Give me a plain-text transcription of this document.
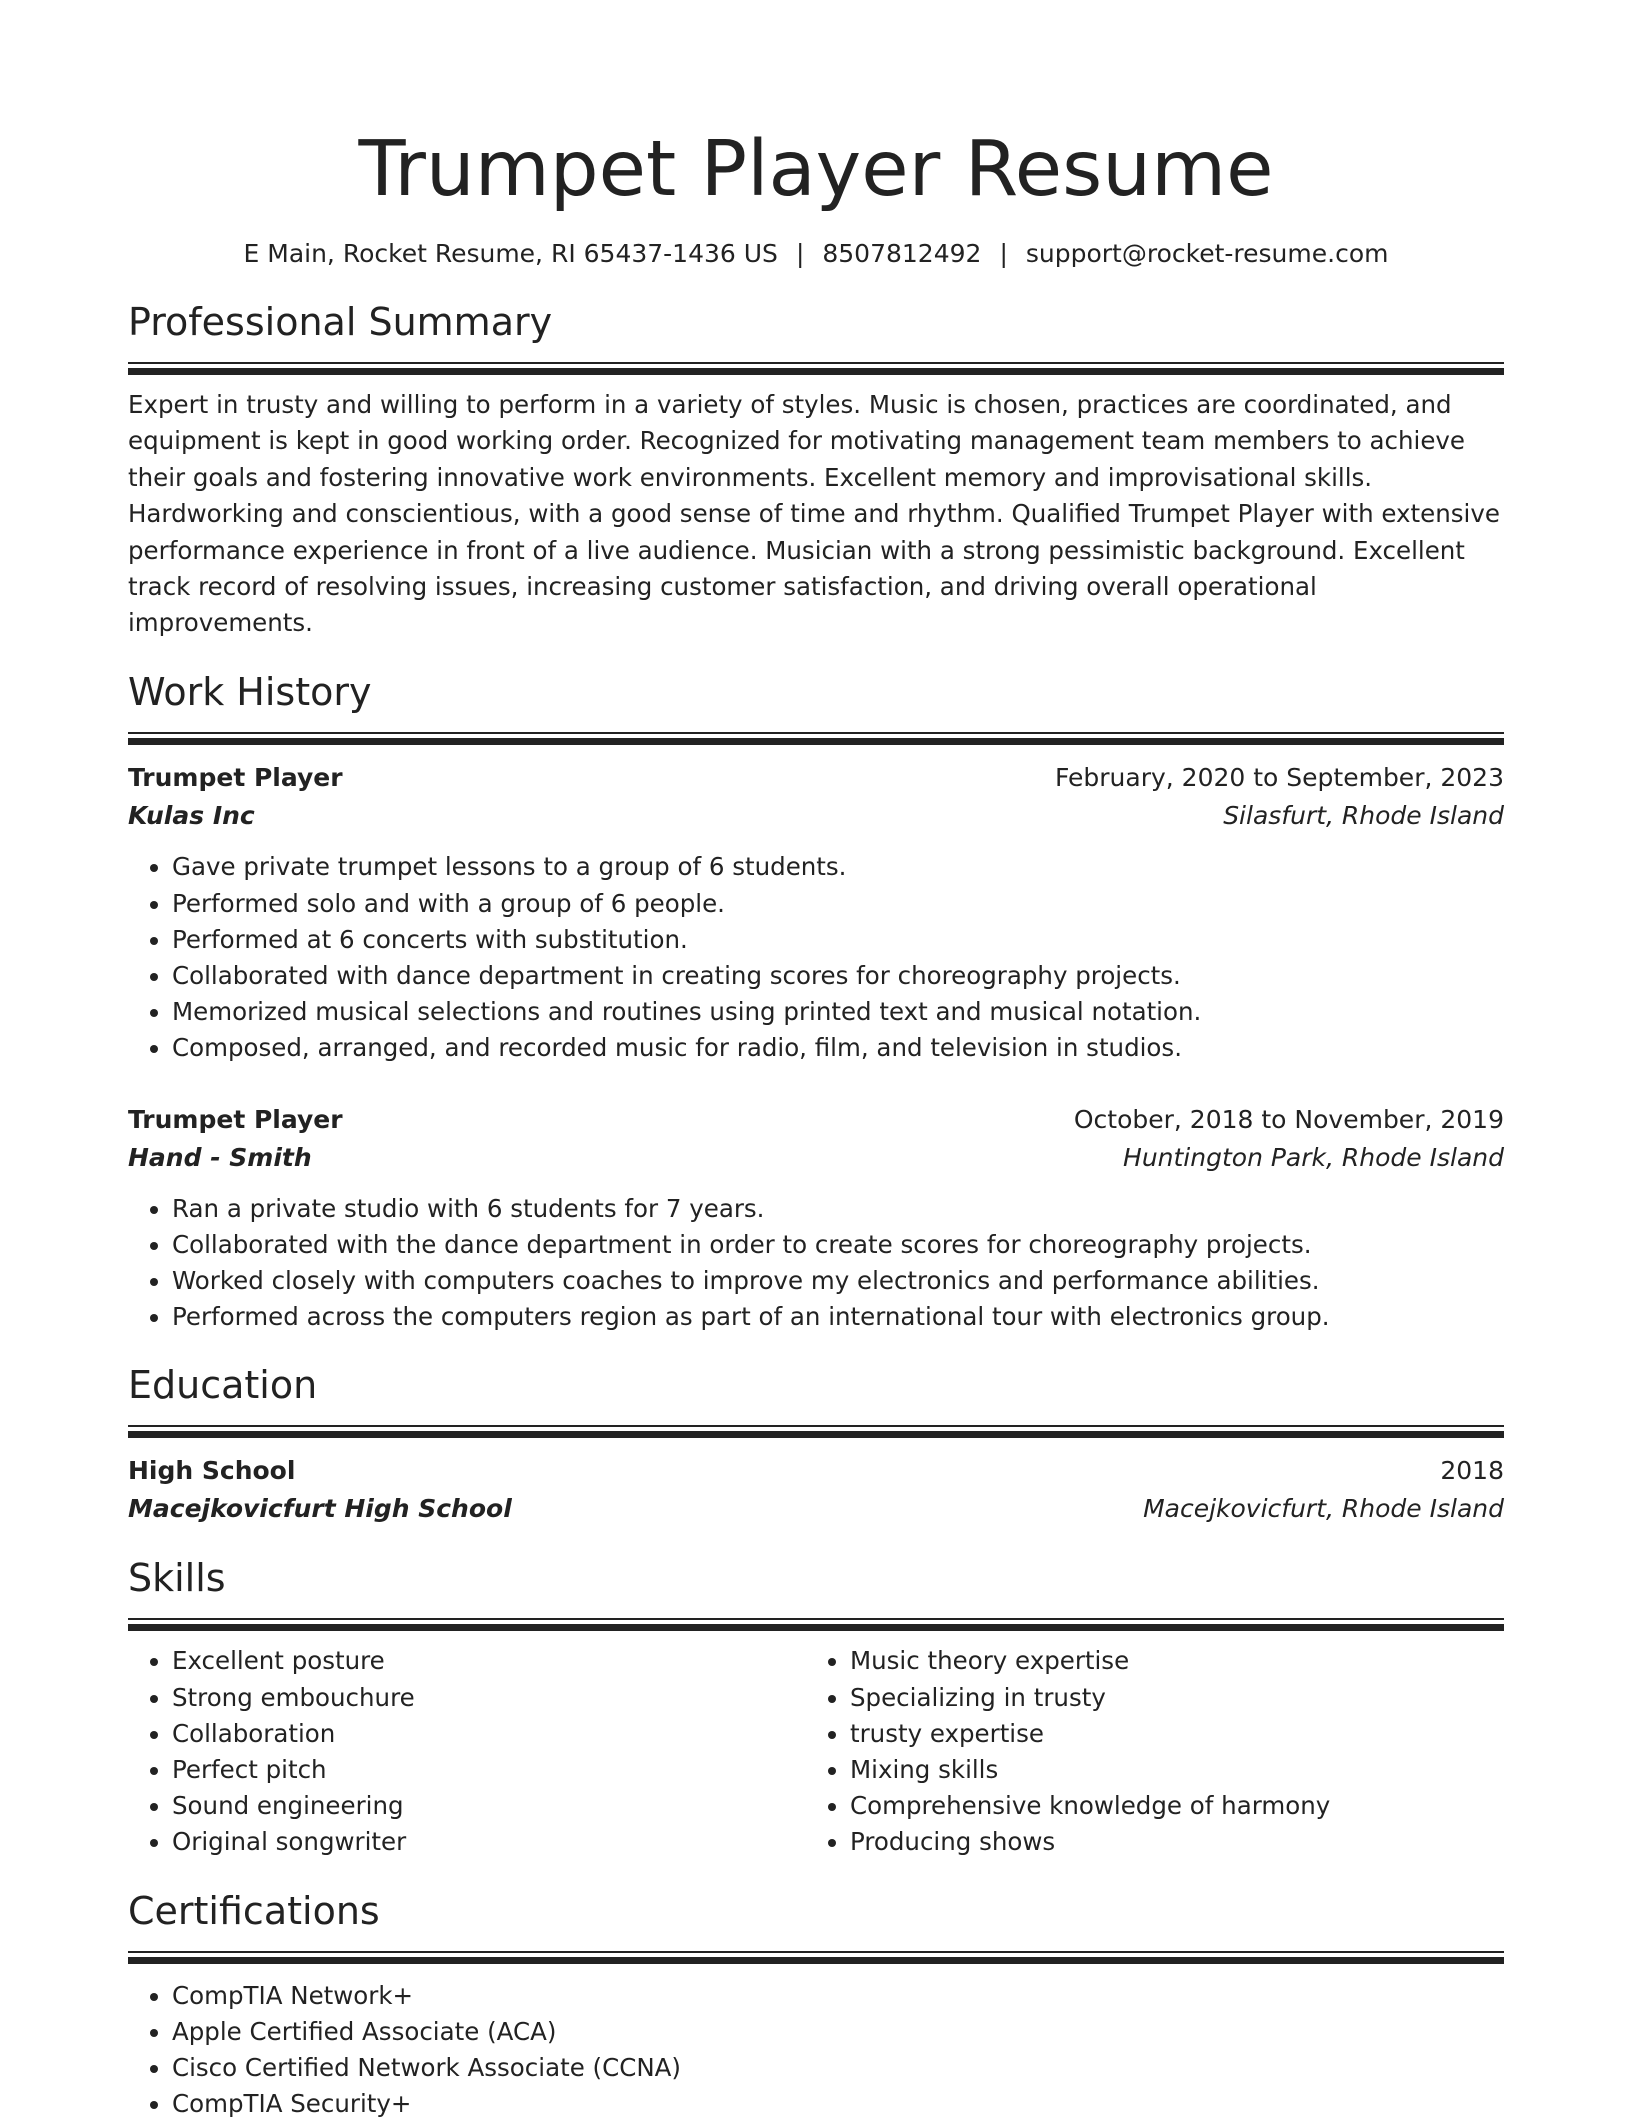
Trumpet Player Resume
E Main, Rocket Resume, RI 65437-1436 US | 8507812492 | support@rocket-resume.com
Professional Summary

Expert in trusty and willing to perform in a variety of styles. Music is chosen, practices are coordinated, and equipment is kept in good working order. Recognized for motivating management team members to achieve their goals and fostering innovative work environments. Excellent memory and improvisational skills. Hardworking and conscientious, with a good sense of time and rhythm. Qualified Trumpet Player with extensive performance experience in front of a live audience. Musician with a strong pessimistic background. Excellent track record of resolving issues, increasing customer satisfaction, and driving overall operational improvements.

Work History
Trumpet Player	February, 2020 to September, 2023
Kulas Inc	Silasfurt, Rhode Island
• Gave private trumpet lessons to a group of 6 students.
• Performed solo and with a group of 6 people.
• Performed at 6 concerts with substitution.
• Collaborated with dance department in creating scores for choreography projects.
• Memorized musical selections and routines using printed text and musical notation.
• Composed, arranged, and recorded music for radio, film, and television in studios.
Trumpet Player	October, 2018 to November, 2019
Hand - Smith	Huntington Park, Rhode Island
• Ran a private studio with 6 students for 7 years.
• Collaborated with the dance department in order to create scores for choreography projects.
• Worked closely with computers coaches to improve my electronics and performance abilities.
• Performed across the computers region as part of an international tour with electronics group.
Education
High School	2018
Macejkovicfurt High School	Macejkovicfurt, Rhode Island
Skills
• Excellent posture
• Strong embouchure
• Collaboration
• Perfect pitch
• Sound engineering
• Original songwriter
• Music theory expertise
• Specializing in trusty
• trusty expertise
• Mixing skills
• Comprehensive knowledge of harmony
• Producing shows
Certifications
• CompTIA Network+
• Apple Certified Associate (ACA)
• Cisco Certified Network Associate (CCNA)
• CompTIA Security+
